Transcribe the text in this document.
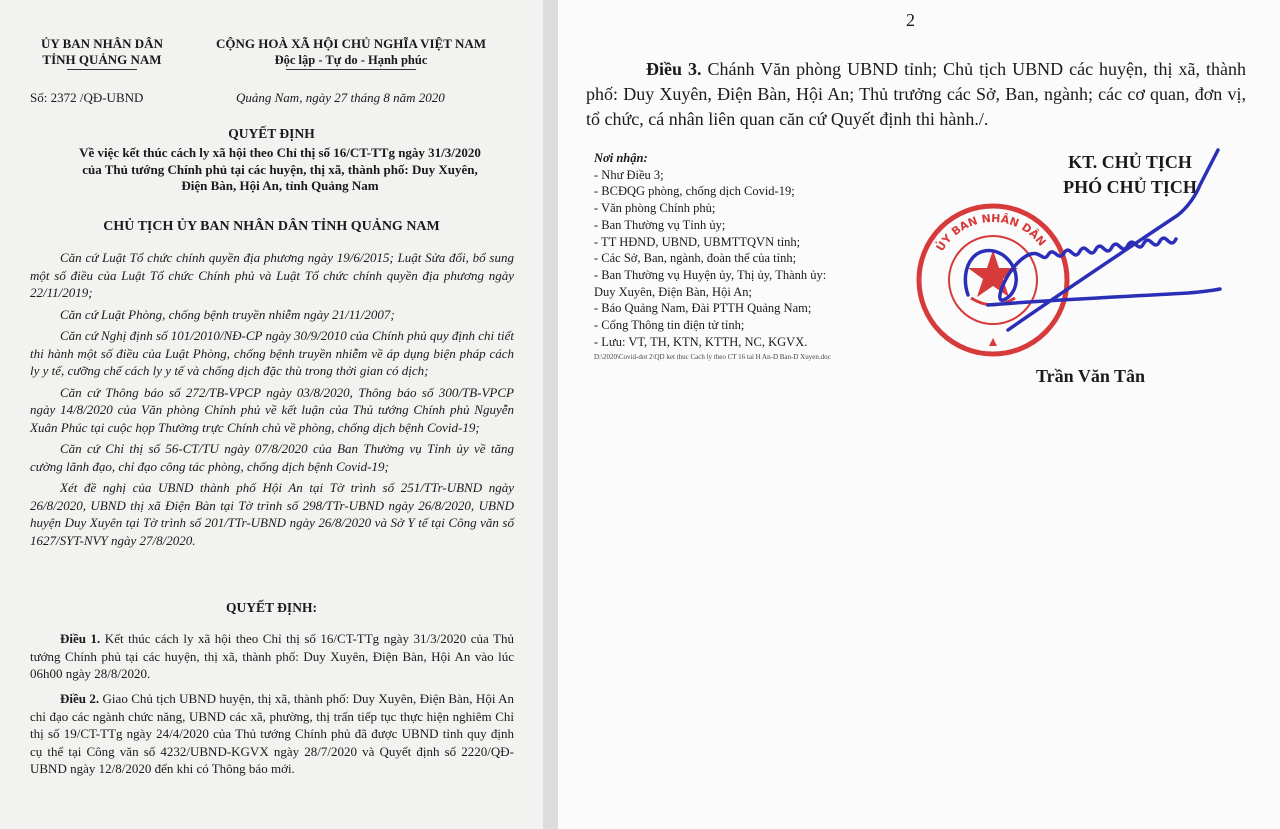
ỦY BAN NHÂN DÂN
TỈNH QUẢNG NAM
CỘNG HOÀ XÃ HỘI CHỦ NGHĨA VIỆT NAM
Độc lập - Tự do - Hạnh phúc
Số: 2372 /QĐ-UBND	Quảng Nam, ngày 27 tháng 8 năm 2020
QUYẾT ĐỊNH
Về việc kết thúc cách ly xã hội theo Chỉ thị số 16/CT-TTg ngày 31/3/2020
của Thủ tướng Chính phủ tại các huyện, thị xã, thành phố: Duy Xuyên,
Điện Bàn, Hội An, tỉnh Quảng Nam
CHỦ TỊCH ỦY BAN NHÂN DÂN TỈNH QUẢNG NAM

Căn cứ Luật Tổ chức chính quyền địa phương ngày 19/6/2015; Luật Sửa đổi, bổ sung một số điều của Luật Tổ chức Chính phủ và Luật Tổ chức chính quyền địa phương ngày 22/11/2019;

Căn cứ Luật Phòng, chống bệnh truyền nhiễm ngày 21/11/2007;

Căn cứ Nghị định số 101/2010/NĐ-CP ngày 30/9/2010 của Chính phủ quy định chi tiết thi hành một số điều của Luật Phòng, chống bệnh truyền nhiễm về áp dụng biện pháp cách ly y tế, cưỡng chế cách ly y tế và chống dịch đặc thù trong thời gian có dịch;

Căn cứ Thông báo số 272/TB-VPCP ngày 03/8/2020, Thông báo số 300/TB-VPCP ngày 14/8/2020 của Văn phòng Chính phủ về kết luận của Thủ tướng Chính phủ Nguyễn Xuân Phúc tại cuộc họp Thường trực Chính chủ về phòng, chống dịch bệnh Covid-19;

Căn cứ Chỉ thị số 56-CT/TU ngày 07/8/2020 của Ban Thường vụ Tỉnh ủy về tăng cường lãnh đạo, chỉ đạo công tác phòng, chống dịch bệnh Covid-19;

Xét đề nghị của UBND thành phố Hội An tại Tờ trình số 251/TTr-UBND ngày 26/8/2020, UBND thị xã Điện Bàn tại Tờ trình số 298/TTr-UBND ngày 26/8/2020, UBND huyện Duy Xuyên tại Tờ trình số 201/TTr-UBND ngày 26/8/2020 và Sở Y tế tại Công văn số 1627/SYT-NVY ngày 27/8/2020.

QUYẾT ĐỊNH:

Điều 1. Kết thúc cách ly xã hội theo Chỉ thị số 16/CT-TTg ngày 31/3/2020 của Thủ tướng Chính phủ tại các huyện, thị xã, thành phố: Duy Xuyên, Điện Bàn, Hội An vào lúc 06h00 ngày 28/8/2020.

Điều 2. Giao Chủ tịch UBND huyện, thị xã, thành phố: Duy Xuyên, Điện Bàn, Hội An chỉ đạo các ngành chức năng, UBND các xã, phường, thị trấn tiếp tục thực hiện nghiêm Chỉ thị số 19/CT-TTg ngày 24/4/2020 của Thủ tướng Chính phủ đã được UBND tỉnh quy định cụ thể tại Công văn số 4232/UBND-KGVX ngày 28/7/2020 và Quyết định số 2220/QĐ-UBND ngày 12/8/2020 đến khi có Thông báo mới.

2

Điều 3. Chánh Văn phòng UBND tỉnh; Chủ tịch UBND các huyện, thị xã, thành phố: Duy Xuyên, Điện Bàn, Hội An; Thủ trưởng các Sở, Ban, ngành; các cơ quan, đơn vị, tổ chức, cá nhân liên quan căn cứ Quyết định thi hành./.

Nơi nhận:
- Như Điều 3;
- BCĐQG phòng, chống dịch Covid-19;
- Văn phòng Chính phủ;
- Ban Thường vụ Tỉnh ủy;
- TT HĐND, UBND, UBMTTQVN tỉnh;
- Các Sở, Ban, ngành, đoàn thể của tỉnh;
- Ban Thường vụ Huyện ủy, Thị ủy, Thành ủy:
Duy Xuyên, Điện Bàn, Hội An;
- Báo Quảng Nam, Đài PTTH Quảng Nam;
- Cổng Thông tin điện tử tỉnh;
- Lưu: VT, TH, KTN, KTTH, NC, KGVX.
D:\2020\Covid-dot 2\QD ket thuc Cach ly theo CT 16 tai H An-D Ban-D Xuyen.doc
KT. CHỦ TỊCH
PHÓ CHỦ TỊCH
ỦY BAN NHÂN DÂN
Trần Văn Tân
